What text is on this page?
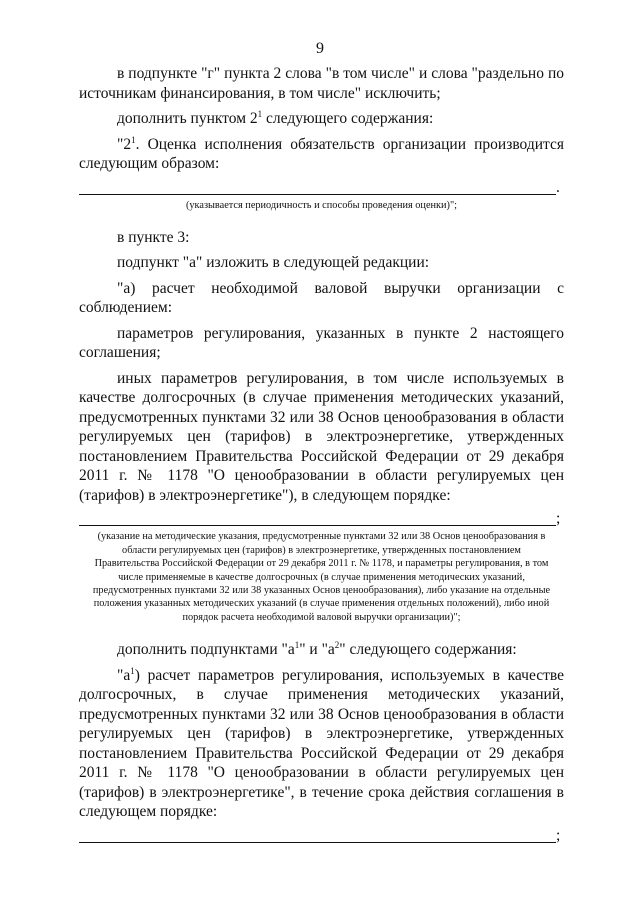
9

в подпункте "г" пункта 2 слова "в том числе" и слова "раздельно по источникам финансирования, в том числе" исключить;

дополнить пунктом $2^1$ следующего содержания:

"$2^1$. Оценка исполнения обязательств организации производится следующим образом:

.

(указывается периодичность и способы проведения оценки)";

в пункте 3:

подпункт "а" изложить в следующей редакции:

"а) расчет необходимой валовой выручки организации с соблюдением:

параметров регулирования, указанных в пункте 2 настоящего соглашения;

иных параметров регулирования, в том числе используемых в качестве долгосрочных (в случае применения методических указаний, предусмотренных пунктами 32 или 38 Основ ценообразования в области регулируемых цен (тарифов) в электроэнергетике, утвержденных постановлением Правительства Российской Федерации от 29 декабря 2011 г. № 1178 "О ценообразовании в области регулируемых цен (тарифов) в электроэнергетике"), в следующем порядке:

;

(указание на методические указания, предусмотренные пунктами 32 или 38 Основ ценообразования в области регулируемых цен (тарифов) в электроэнергетике, утвержденных постановлением Правительства Российской Федерации от 29 декабря 2011 г. № 1178, и параметры регулирования, в том числе применяемые в качестве долгосрочных (в случае применения методических указаний, предусмотренных пунктами 32 или 38 указанных Основ ценообразования), либо указание на отдельные положения указанных методических указаний (в случае применения отдельных положений), либо иной порядок расчета необходимой валовой выручки организации)";

дополнить подпунктами "$а^1$" и "$а^2$" следующего содержания:

"$а^1$) расчет параметров регулирования, используемых в качестве долгосрочных, в случае применения методических указаний, предусмотренных пунктами 32 или 38 Основ ценообразования в области регулируемых цен (тарифов) в электроэнергетике, утвержденных постановлением Правительства Российской Федерации от 29 декабря 2011 г. № 1178 "О ценообразовании в области регулируемых цен (тарифов) в электроэнергетике", в течение срока действия соглашения в следующем порядке:

;
